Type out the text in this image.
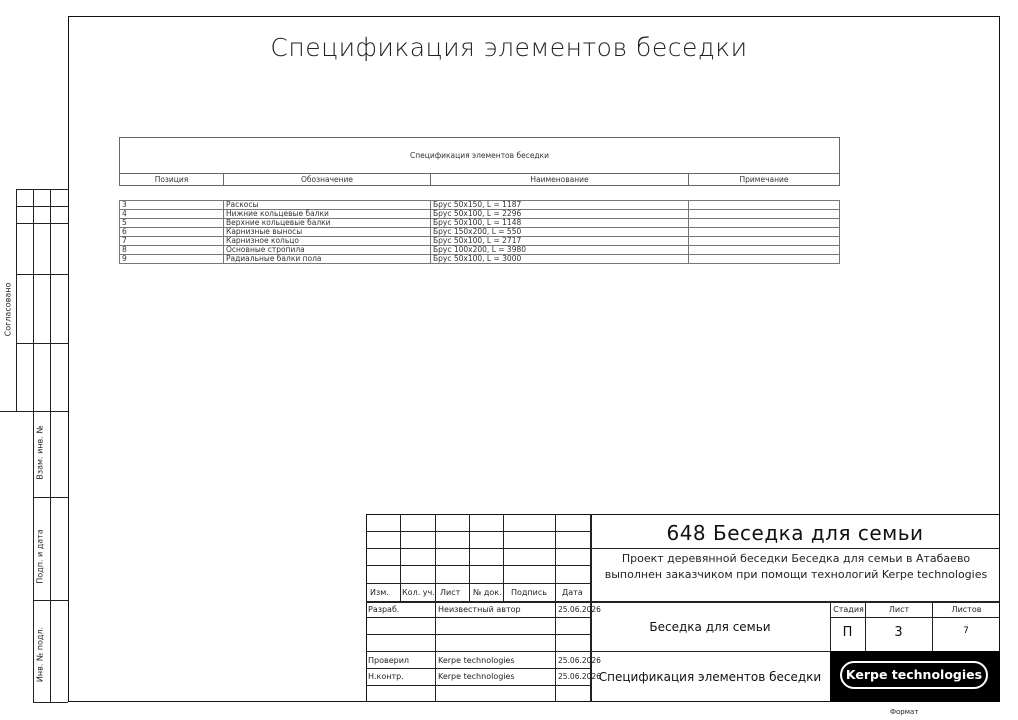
Спецификация элементов беседки
Согласовано
Взам. инв. №
Подп. и дата
Инв. № подл.
Спецификация элементов беседки
Позиция	Обозначение	Наименование	Примечание
3	Раскосы	Брус 50x150, L = 1187	
4	Нижние кольцевые балки	Брус 50x100, L = 2296	
5	Верхние кольцевые балки	Брус 50x100, L = 1148	
6	Карнизные выносы	Брус 150x200, L = 550	
7	Карнизное кольцо	Брус 50x100, L = 2717	
8	Основные стропила	Брус 100x200, L = 3980	
9	Радиальные балки пола	Брус 50x100, L = 3000	
Изм. Кол. уч. Лист № док. Подпись Дата
Разраб.	Неизвестный автор	25.06.2026
Проверил	Kerpe technologies	25.06.2026
Н.контр.	Kerpe technologies	25.06.2026
648 Беседка для семьи
Проект деревянной беседки Беседка для семьи в Атабаево выполнен заказчиком при помощи технологий Kerpe technologies
Беседка для семьи
Спецификация элементов беседки
Стадия	Лист	Листов
П	3	7
Kerpe technologies
Формат
